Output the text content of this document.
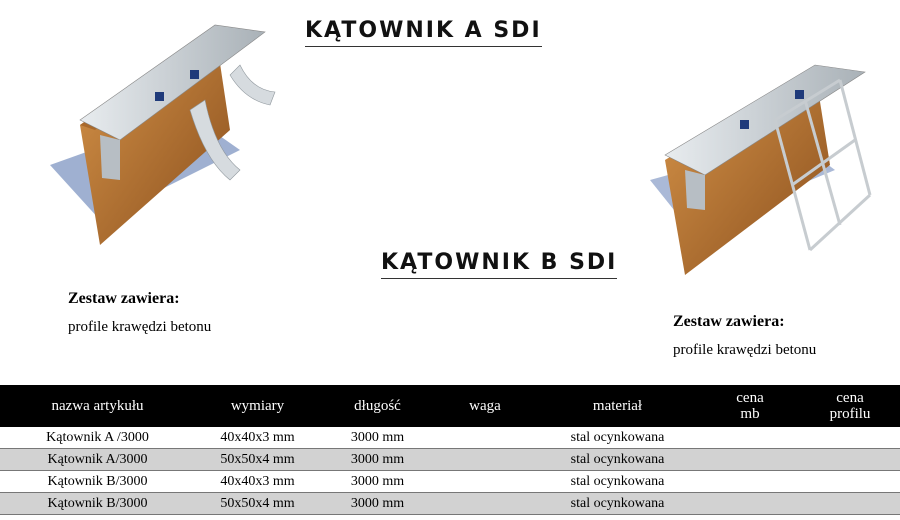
KĄTOWNIK A SDI
KĄTOWNIK B SDI
Zestaw zawiera:
profile krawędzi betonu	Zestaw zawiera:
profile krawędzi betonu
nazwa artykułu	wymiary	długość	waga	materiał	cena mb	cena profilu
Kątownik A /3000	40x40x3 mm	3000 mm		stal ocynkowana		
Kątownik A/3000	50x50x4 mm	3000 mm		stal ocynkowana		
Kątownik B/3000	40x40x3 mm	3000 mm		stal ocynkowana		
Kątownik B/3000	50x50x4 mm	3000 mm		stal ocynkowana		
